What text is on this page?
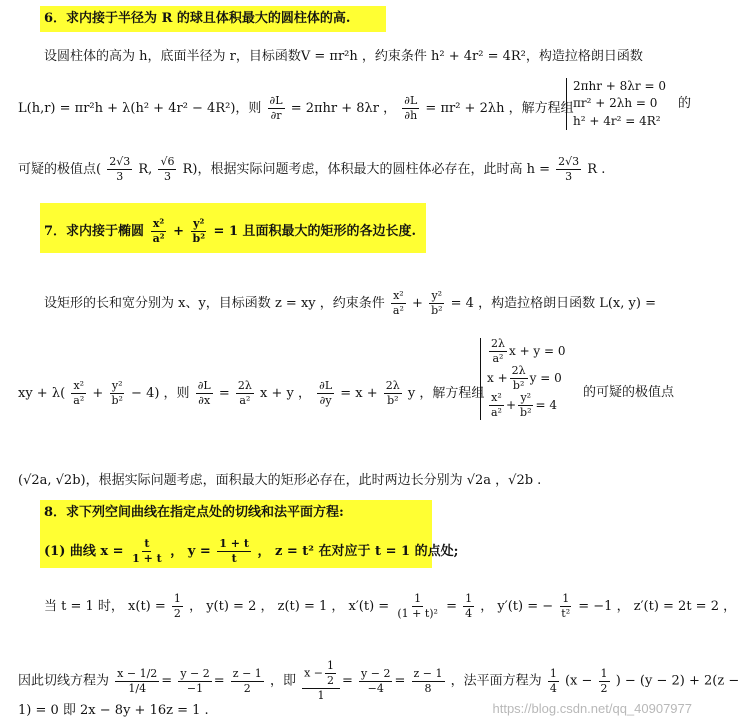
6．求内接于半径为 R 的球且体积最大的圆柱体的高.
设圆柱体的高为 h，底面半径为 r，目标函数V = πr²h ，约束条件 h² + 4r² = 4R²，构造拉格朗日函数
L(h,r) = πr²h + λ(h² + 4r² − 4R²)，则 $\frac{\partial L}{\partial r} = 2\pi hr + 8\lambda r$ ， $\frac{\partial L}{\partial h} = \pi r^2 + 2\lambda h$ ，解方程组
2πhr + 8λr = 0
πr² + 2λh = 0
h² + 4r² = 4R²
的
可疑的极值点( $\frac{2√3}{3} R$, $\frac{√6}{3} R$)，根据实际问题考虑，体积最大的圆柱体必存在，此时高 $h = \frac{2√3}{3}$ R .
7．求内接于椭圆 $\frac{\text{x²}}{\text{a²}} + \frac{\text{y²}}{\text{b²}} = 1$ 且面积最大的矩形的各边长度.
设矩形的长和宽分别为 x、y，目标函数 z = xy ，约束条件 $\frac{\text{x²}}{\text{a²}} + \frac{\text{y²}}{\text{b²}} = 4$ ，构造拉格朗日函数 L(x, y) =
xy + $\lambda( \frac{\text{x²}}{\text{a²}} + \frac{\text{y²}}{\text{b²}} - 4)$ ，则 $\frac{\partial L}{\partial x} = \frac{2\lambda}{\text{a²}}$ x + y ， $\frac{\partial L}{\partial y} = x + \frac{2\lambda}{\text{b²}}$ y ，解方程组
$\frac{2\lambda}{\text{a²}}$ x + y = 0
$x + \frac{2\lambda}{\text{b²}}$ y = 0
$\frac{\text{x²}}{\text{a²}} + \frac{\text{y²}}{\text{b²}} = 4$
的可疑的极值点
(√2a, √2b)，根据实际问题考虑，面积最大的矩形必存在，此时两边长分别为 √2a ，√2b .
8．求下列空间曲线在指定点处的切线和法平面方程:
(1) 曲线 $x = \frac{t}{1 + t}$ ， $y = \frac{1 + t}{t}$ ， z = t² 在对应于 t = 1 的点处;
当 t = 1 时， $x(t) = \frac{1}{2}$ ， y(t) = 2 ， z(t) = 1 ， $x'(t) = \frac{1}{\text{(1 + t)²}} = \frac{1}{4}$ ， y′(t) = − $\frac{1}{\text{t²}} = -1$ ， z′(t) = 2t = 2 ，
因此切线方程为 $\frac{x - 1/2}{1/4} = \frac{y - 2}{-1} = \frac{z - 1}{2}$ ，即 $\frac{x - \frac{1}{2}}{1} = \frac{y - 2}{-4} = \frac{z - 1}{8}$ ，法平面方程为 $\frac{1}{4} (x - \frac{1}{2}$ ) − (y − 2) + 2(z −
1) = 0 即 2x − 8y + 16z = 1 .	https://blog.csdn.net/qq_40907977
